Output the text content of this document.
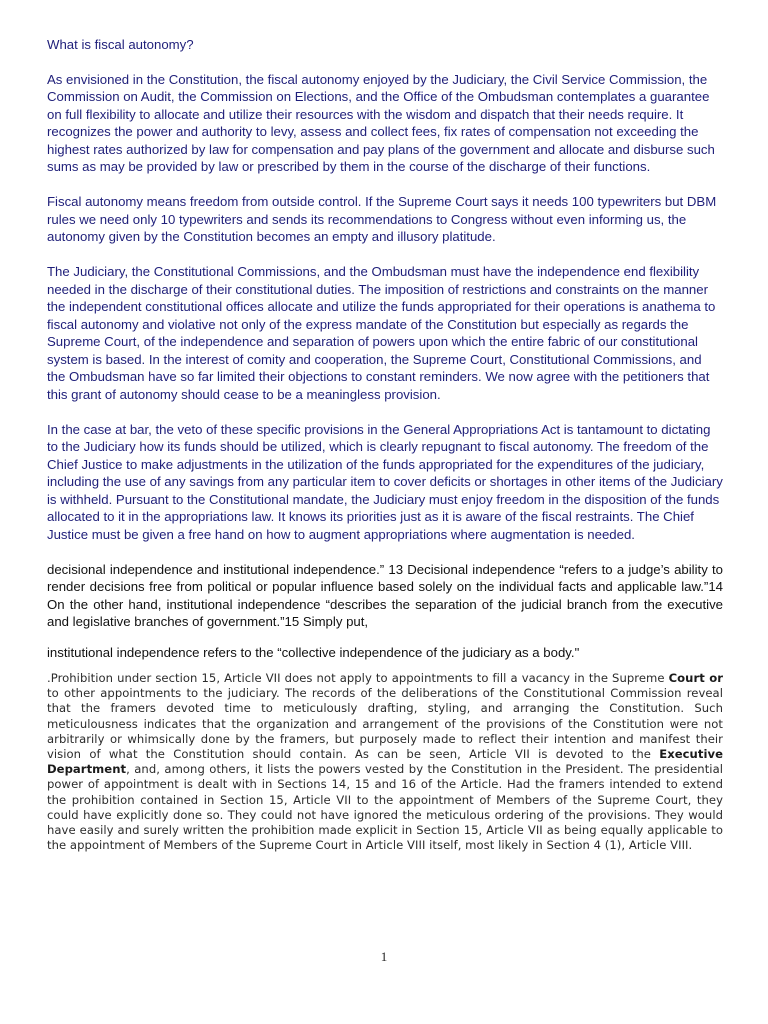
What is fiscal autonomy?

As envisioned in the Constitution, the fiscal autonomy enjoyed by the Judiciary, the Civil Service Commission, the Commission on Audit, the Commission on Elections, and the Office of the Ombudsman contemplates a guarantee on full flexibility to allocate and utilize their resources with the wisdom and dispatch that their needs require. It recognizes the power and authority to levy, assess and collect fees, fix rates of compensation not exceeding the highest rates authorized by law for compensation and pay plans of the government and allocate and disburse such sums as may be provided by law or prescribed by them in the course of the discharge of their functions.

Fiscal autonomy means freedom from outside control. If the Supreme Court says it needs 100 typewriters but DBM rules we need only 10 typewriters and sends its recommendations to Congress without even informing us, the autonomy given by the Constitution becomes an empty and illusory platitude.

The Judiciary, the Constitutional Commissions, and the Ombudsman must have the independence end flexibility needed in the discharge of their constitutional duties. The imposition of restrictions and constraints on the manner the independent constitutional offices allocate and utilize the funds appropriated for their operations is anathema to fiscal autonomy and violative not only of the express mandate of the Constitution but especially as regards the Supreme Court, of the independence and separation of powers upon which the entire fabric of our constitutional system is based. In the interest of comity and cooperation, the Supreme Court, Constitutional Commissions, and the Ombudsman have so far limited their objections to constant reminders. We now agree with the petitioners that this grant of autonomy should cease to be a meaningless provision.

In the case at bar, the veto of these specific provisions in the General Appropriations Act is tantamount to dictating to the Judiciary how its funds should be utilized, which is clearly repugnant to fiscal autonomy. The freedom of the Chief Justice to make adjustments in the utilization of the funds appropriated for the expenditures of the judiciary, including the use of any savings from any particular item to cover deficits or shortages in other items of the Judiciary is withheld. Pursuant to the Constitutional mandate, the Judiciary must enjoy freedom in the disposition of the funds allocated to it in the appropriations law. It knows its priorities just as it is aware of the fiscal restraints. The Chief Justice must be given a free hand on how to augment appropriations where augmentation is needed.

decisional independence and institutional independence.” 13 Decisional independence “refers to a judge’s ability to render decisions free from political or popular influence based solely on the individual facts and applicable law.”14 On the other hand, institutional independence “describes the separation of the judicial branch from the executive and legislative branches of government.”15 Simply put,

institutional independence refers to the “collective independence of the judiciary as a body."

.Prohibition under section 15, Article VII does not apply to appointments to fill a vacancy in the Supreme Court or to other appointments to the judiciary. The records of the deliberations of the Constitutional Commission reveal that the framers devoted time to meticulously drafting, styling, and arranging the Constitution. Such meticulousness indicates that the organization and arrangement of the provisions of the Constitution were not arbitrarily or whimsically done by the framers, but purposely made to reflect their intention and manifest their vision of what the Constitution should contain. As can be seen, Article VII is devoted to the Executive Department, and, among others, it lists the powers vested by the Constitution in the President. The presidential power of appointment is dealt with in Sections 14, 15 and 16 of the Article. Had the framers intended to extend the prohibition contained in Section 15, Article VII to the appointment of Members of the Supreme Court, they could have explicitly done so. They could not have ignored the meticulous ordering of the provisions. They would have easily and surely written the prohibition made explicit in Section 15, Article VII as being equally applicable to the appointment of Members of the Supreme Court in Article VIII itself, most likely in Section 4 (1), Article VIII.

1
